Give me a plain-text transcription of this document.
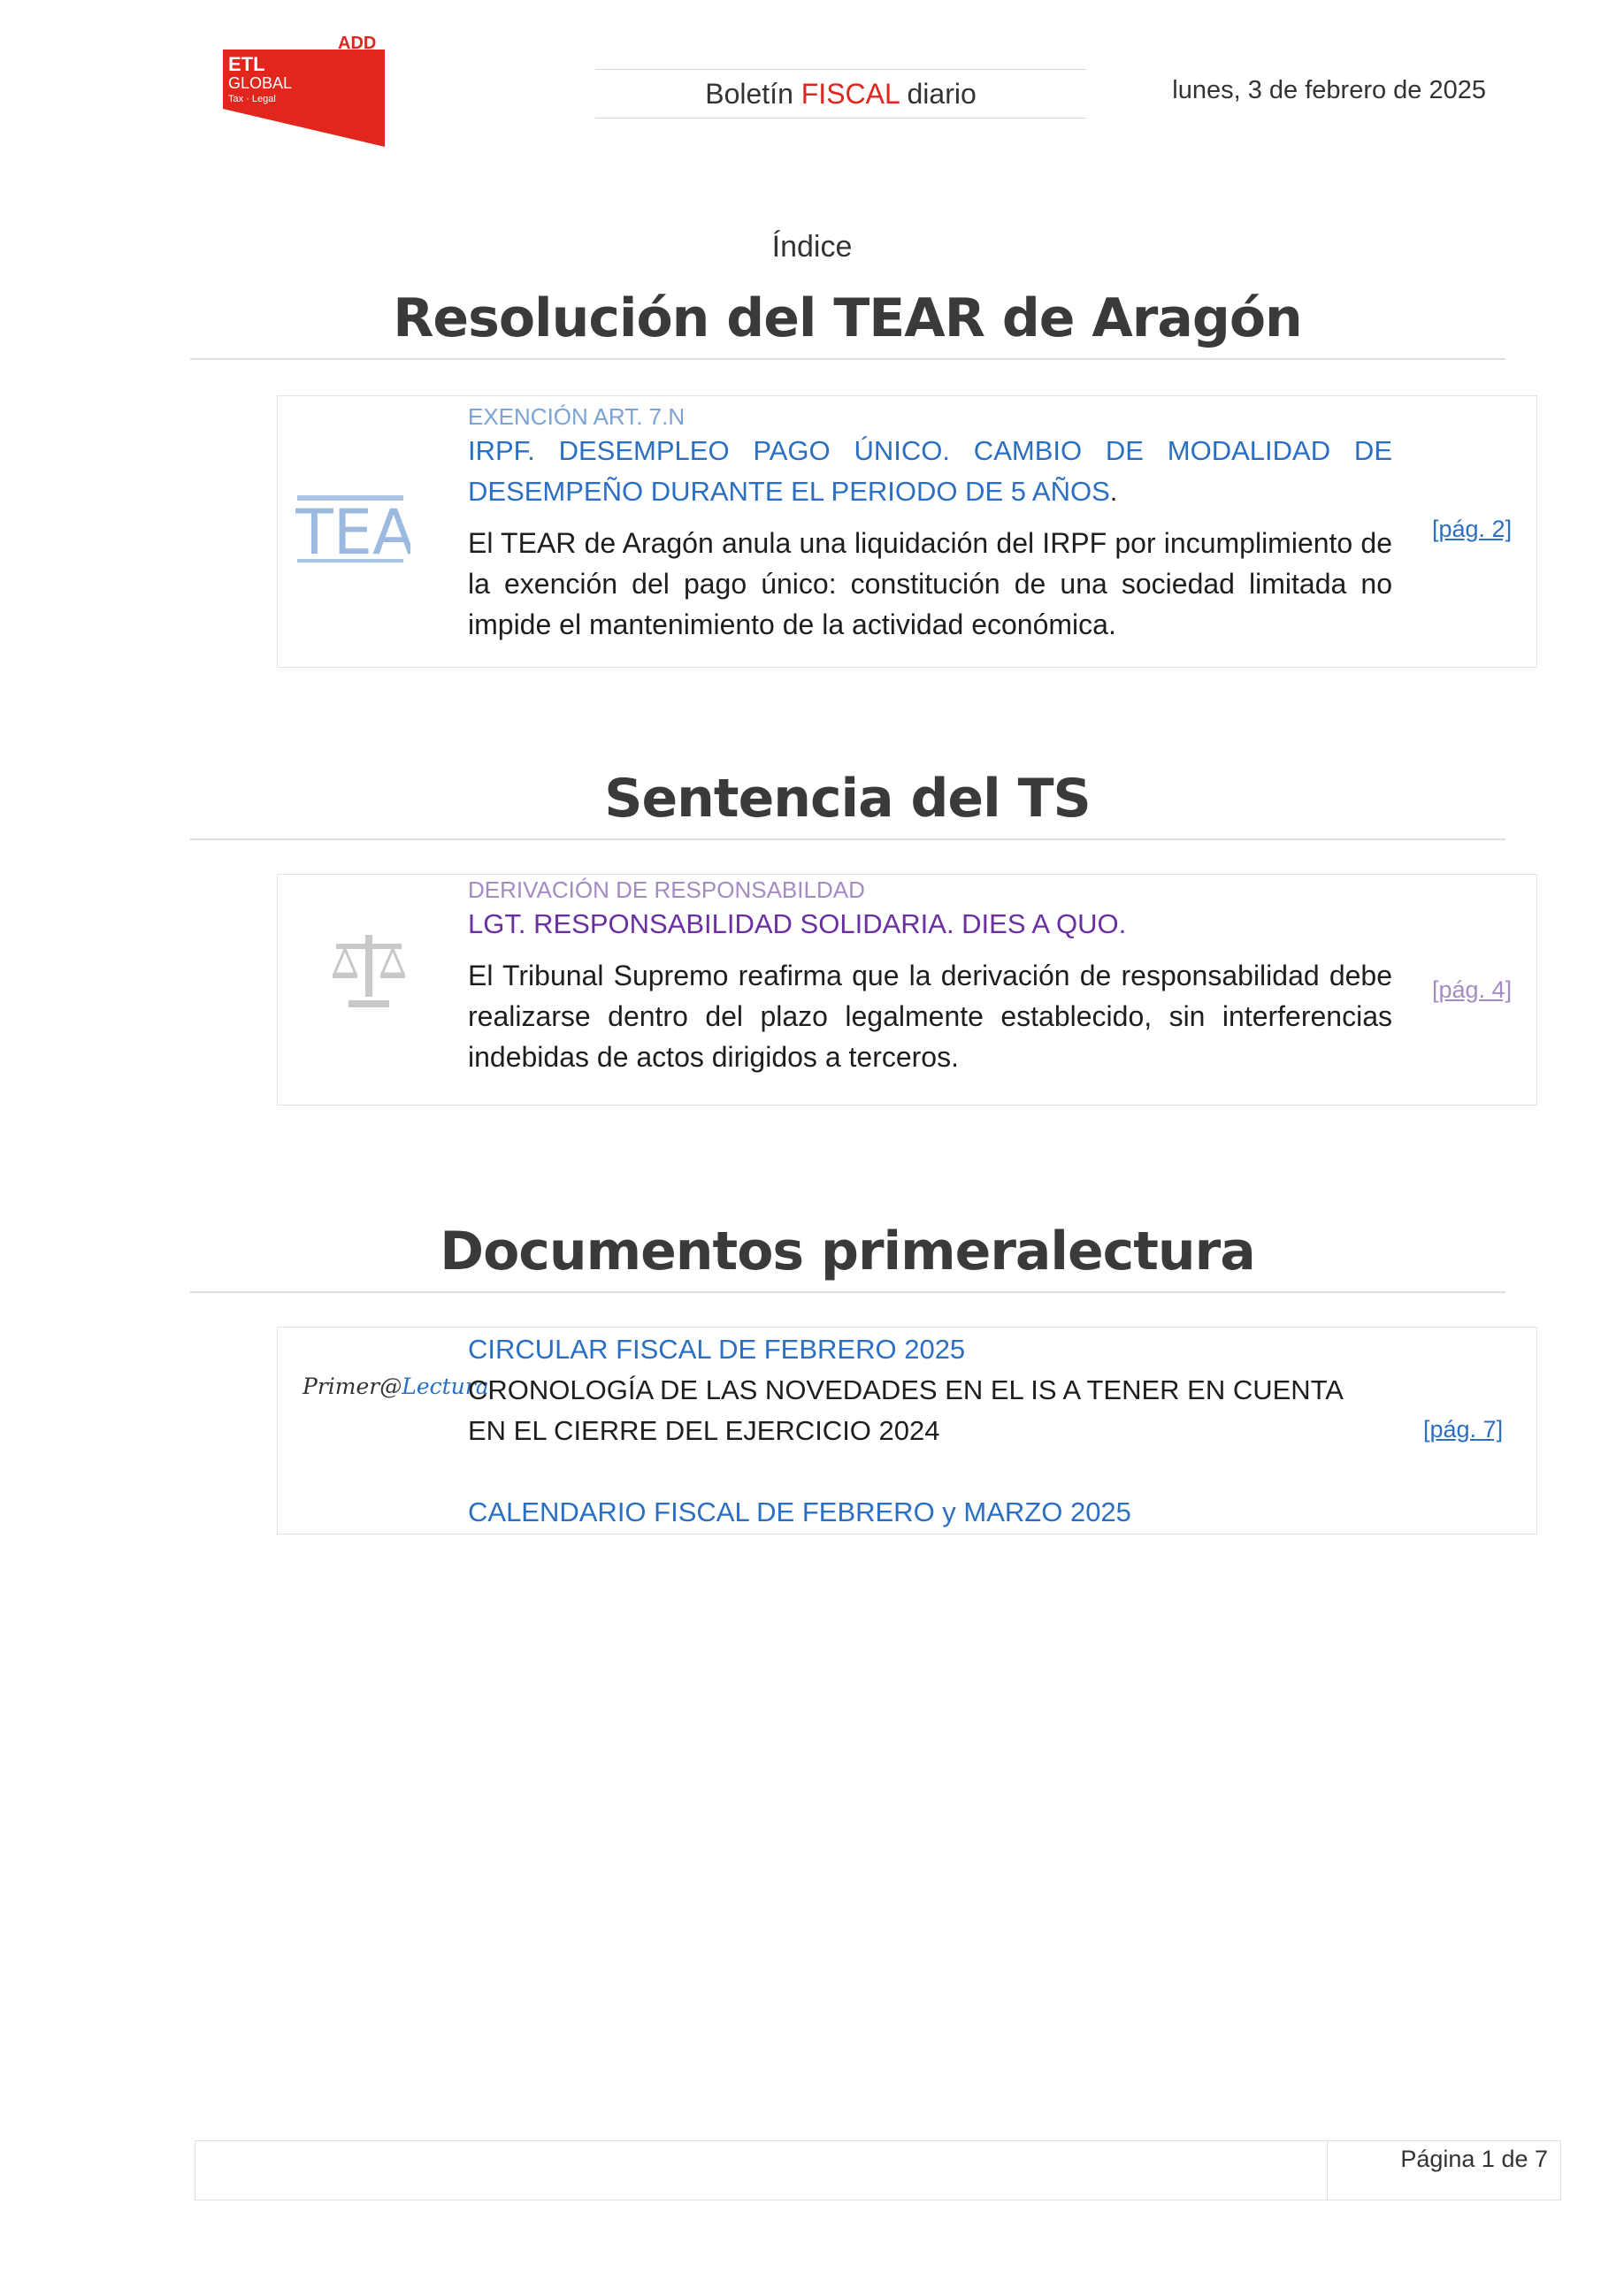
ADD
ETL
GLOBAL
Tax · Legal	Boletín FISCAL diario	lunes, 3 de febrero de 2025
Índice
Resolución del TEAR de Aragón
TEA
EXENCIÓN ART. 7.N
IRPF. DESEMPLEO PAGO ÚNICO. CAMBIO DE MODALIDAD DE DESEMPEÑO DURANTE EL PERIODO DE 5 AÑOS.
El TEAR de Aragón anula una liquidación del IRPF por incumplimiento de la exención del pago único: constitución de una sociedad limitada no impide el mantenimiento de la actividad económica.
[pág. 2]
Sentencia del TS
DERIVACIÓN DE RESPONSABILDAD
LGT. RESPONSABILIDAD SOLIDARIA. DIES A QUO.
El Tribunal Supremo reafirma que la derivación de responsabilidad debe realizarse dentro del plazo legalmente establecido, sin interferencias indebidas de actos dirigidos a terceros.
[pág. 4]
Documentos primeralectura
Primer@Lectura
CIRCULAR FISCAL DE FEBRERO 2025
CRONOLOGÍA DE LAS NOVEDADES EN EL IS A TENER EN CUENTA EN EL CIERRE DEL EJERCICIO 2024
CALENDARIO FISCAL DE FEBRERO y MARZO 2025
[pág. 7]
Página 1 de 7
